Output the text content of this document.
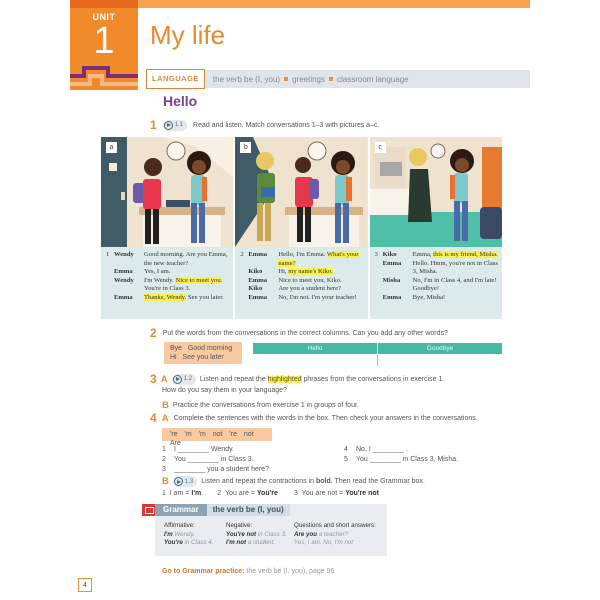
UNIT
1	My life
LANGUAGE	the verb be (I, you) greetings classroom language
Hello
1	1.1 Read and listen. Match conversations 1–3 with pictures a–c.
a	b	c
1 Wendy	Good morning. Are you Emma, the new teacher?
Emma	Yes, I am.
Wendy	I'm Wendy. Nice to meet you. You're in Class 3.
Emma	Thanks, Wendy. See you later.
2 Emma	Hello, I'm Emma. What's your name?
Kiko	Hi, my name's Kiko.
Emma	Nice to meet you, Kiko.
Kiko	Are you a student here?
Emma	No, I'm not. I'm your teacher!
3 Kiko	Emma, this is my friend, Misha.
Emma	Hello. Hmm, you're not in Class 3, Misha.
Misha	No, I'm in Class 4, and I'm late! Goodbye!
Emma	Bye, Misha!
2 Put the words from the conversations in the correct columns. Can you add any other words?
Bye Good morning
Hi See you later
Hello	Goodbye
3 A	1.2 Listen and repeat the highlighted phrases from the conversations in exercise 1.
How do you say them in your language?
B Practice the conversations from exercise 1 in groups of four.
4 A Complete the sentences with the words in the box. Then check your answers in the conversations.
're 'm 'm not 're not Are
1 I ________ Wendy.
2 You ________ in Class 3.
3 ________ you a student here?
4 No, I ________ .
5 You ________ in Class 3, Misha.
B	1.3 Listen and repeat the contractions in bold. Then read the Grammar box.
1 I am = I'm 2 You are = You're 3 You are not = You're not
Grammar	the verb be (I, you)
Affirmative:
I'm Wendy.
You're in Class 4.
Negative:
You're not in Class 3.
I'm not a student.
Questions and short answers:
Are you a teacher?
Yes, I am. No, I'm not
Go to Grammar practice: the verb be (I, you), page 96
4
